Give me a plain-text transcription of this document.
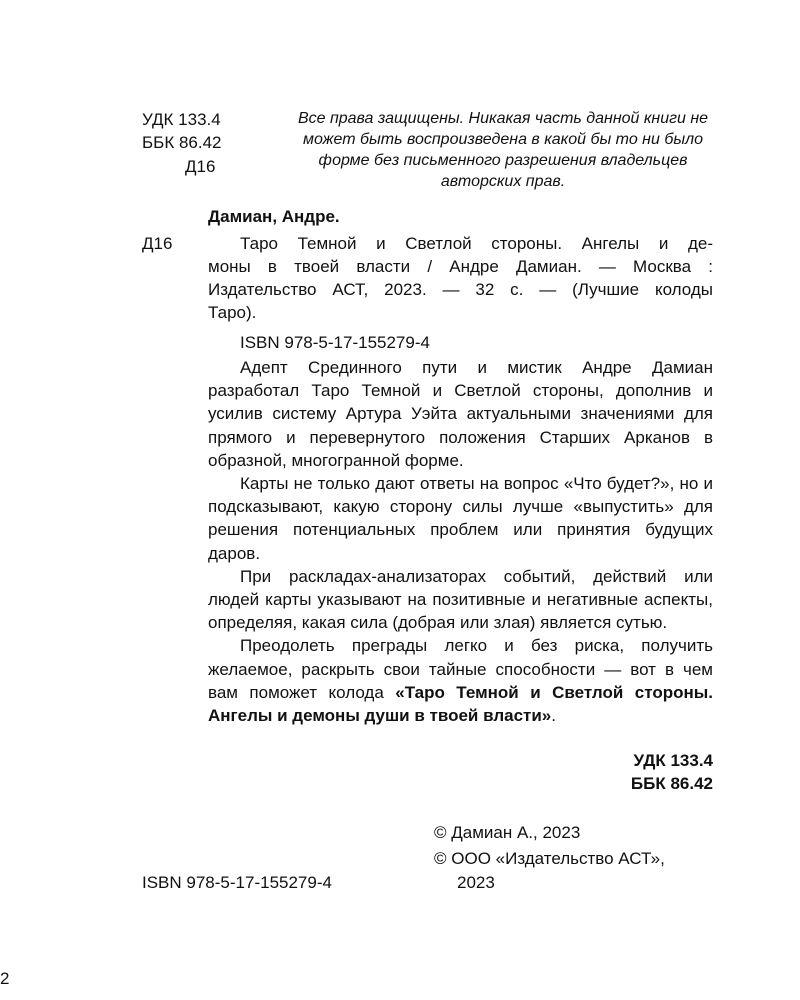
УДК 133.4
ББК 86.42
Д16
Все права защищены. Никакая часть данной книги не может быть воспроизведена в какой бы то ни было форме без письменного разрешения владельцев авторских прав.
Дамиан, Андре.
Д16	Таро Темной и Светлой стороны. Ангелы и де-
моны в твоей власти / Андре Дамиан. — Москва :
Издательство АСТ, 2023. — 32 с. — (Лучшие колоды
Таро).
ISBN 978-5-17-155279-4

Адепт Срединного пути и мистик Андре Дамиан разработал Таро Темной и Светлой стороны, дополнив и усилив систему Артура Уэйта актуальными значениями для прямого и перевернутого положения Старших Арканов в образной, многогранной форме.

Карты не только дают ответы на вопрос «Что будет?», но и подсказывают, какую сторону силы лучше «выпустить» для решения потенциальных проблем или принятия будущих даров.

При раскладах-анализаторах событий, действий или людей карты указывают на позитивные и негативные аспекты, определяя, какая сила (добрая или злая) является сутью.

Преодолеть преграды легко и без риска, получить желаемое, раскрыть свои тайные способности — вот в чем вам поможет колода «Таро Темной и Светлой стороны. Ангелы и демоны души в твоей власти».

УДК 133.4
ББК 86.42
© Дамиан А., 2023
© ООО «Издательство АСТ»,
2023
ISBN 978-5-17-155279-4
2
